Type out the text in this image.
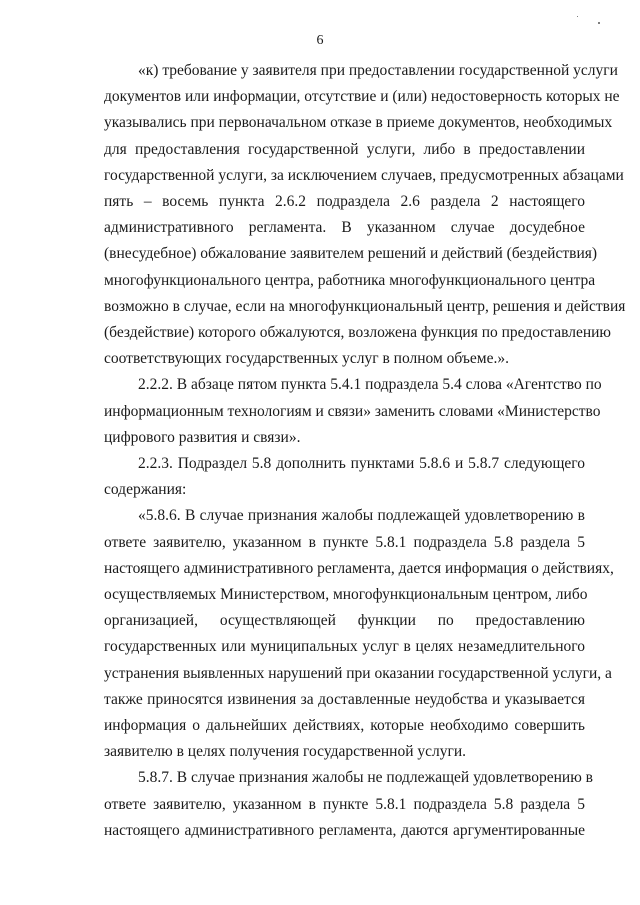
6
«к) требование у заявителя при предоставлении государственной услуги
документов или информации, отсутствие и (или) недостоверность которых не
указывались при первоначальном отказе в приеме документов, необходимых
для предоставления государственной услуги, либо в предоставлении
государственной услуги, за исключением случаев, предусмотренных абзацами
пять – восемь пункта 2.6.2 подраздела 2.6 раздела 2 настоящего
административного регламента. В указанном случае досудебное
(внесудебное) обжалование заявителем решений и действий (бездействия)
многофункционального центра, работника многофункционального центра
возможно в случае, если на многофункциональный центр, решения и действия
(бездействие) которого обжалуются, возложена функция по предоставлению
соответствующих государственных услуг в полном объеме.».
2.2.2. В абзаце пятом пункта 5.4.1 подраздела 5.4 слова «Агентство по
информационным технологиям и связи» заменить словами «Министерство
цифрового развития и связи».
2.2.3. Подраздел 5.8 дополнить пунктами 5.8.6 и 5.8.7 следующего
содержания:
«5.8.6. В случае признания жалобы подлежащей удовлетворению в
ответе заявителю, указанном в пункте 5.8.1 подраздела 5.8 раздела 5
настоящего административного регламента, дается информация о действиях,
осуществляемых Министерством, многофункциональным центром, либо
организацией, осуществляющей функции по предоставлению
государственных или муниципальных услуг в целях незамедлительного
устранения выявленных нарушений при оказании государственной услуги, а
также приносятся извинения за доставленные неудобства и указывается
информация о дальнейших действиях, которые необходимо совершить
заявителю в целях получения государственной услуги.
5.8.7. В случае признания жалобы не подлежащей удовлетворению в
ответе заявителю, указанном в пункте 5.8.1 подраздела 5.8 раздела 5
настоящего административного регламента, даются аргументированные
